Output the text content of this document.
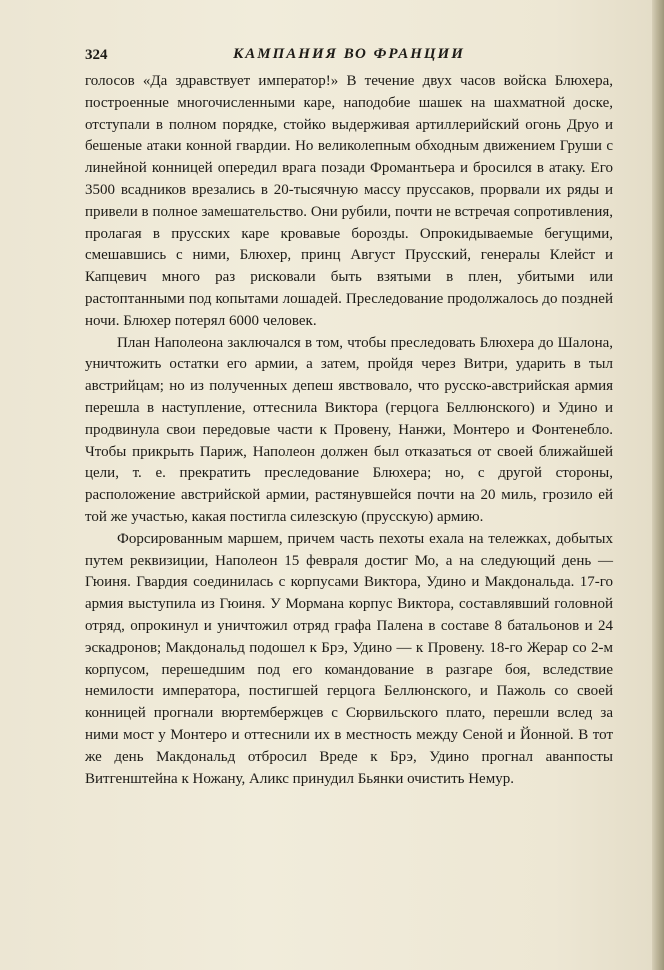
324	КАМПАНИЯ ВО ФРАНЦИИ

голосов «Да здравствует император!» В течение двух часов войска Блюхера, построенные многочисленными каре, наподобие шашек на шахматной доске, отступали в полном порядке, стойко выдерживая артиллерийский огонь Друо и бешеные атаки конной гвардии. Но великолепным обходным движением Груши с линейной конницей опередил врага позади Фромантьера и бросился в атаку. Его 3500 всадников врезались в 20-тысячную массу пруссаков, прорвали их ряды и привели в полное замешательство. Они рубили, почти не встречая сопротивления, пролагая в прусских каре кровавые борозды. Опрокидываемые бегущими, смешавшись с ними, Блюхер, принц Август Прусский, генералы Клейст и Капцевич много раз рисковали быть взятыми в плен, убитыми или растоптанными под копытами лошадей. Преследование продолжалось до поздней ночи. Блюхер потерял 6000 человек.

План Наполеона заключался в том, чтобы преследовать Блюхера до Шалона, уничтожить остатки его армии, а затем, пройдя через Витри, ударить в тыл австрийцам; но из полученных депеш явствовало, что русско-австрийская армия перешла в наступление, оттеснила Виктора (герцога Беллюнского) и Удино и продвинула свои передовые части к Провену, Нанжи, Монтеро и Фонтенебло. Чтобы прикрыть Париж, Наполеон должен был отказаться от своей ближайшей цели, т. е. прекратить преследование Блюхера; но, с другой стороны, расположение австрийской армии, растянувшейся почти на 20 миль, грозило ей той же участью, какая постигла силезскую (прусскую) армию.

Форсированным маршем, причем часть пехоты ехала на тележках, добытых путем реквизиции, Наполеон 15 февраля достиг Мо, а на следующий день — Гюиня. Гвардия соединилась с корпусами Виктора, Удино и Макдональда. 17-го армия выступила из Гюиня. У Мормана корпус Виктора, составлявший головной отряд, опрокинул и уничтожил отряд графа Палена в составе 8 батальонов и 24 эскадронов; Макдональд подошел к Брэ, Удино — к Провену. 18-го Жерар со 2-м корпусом, перешедшим под его командование в разгаре боя, вследствие немилости императора, постигшей герцога Беллюнского, и Пажоль со своей конницей прогнали вюртембержцев с Сюрвильского плато, перешли вслед за ними мост у Монтеро и оттеснили их в местность между Сеной и Йонной. В тот же день Макдональд отбросил Вреде к Брэ, Удино прогнал аванпосты Витгенштейна к Ножану, Аликс принудил Бьянки очистить Немур.
